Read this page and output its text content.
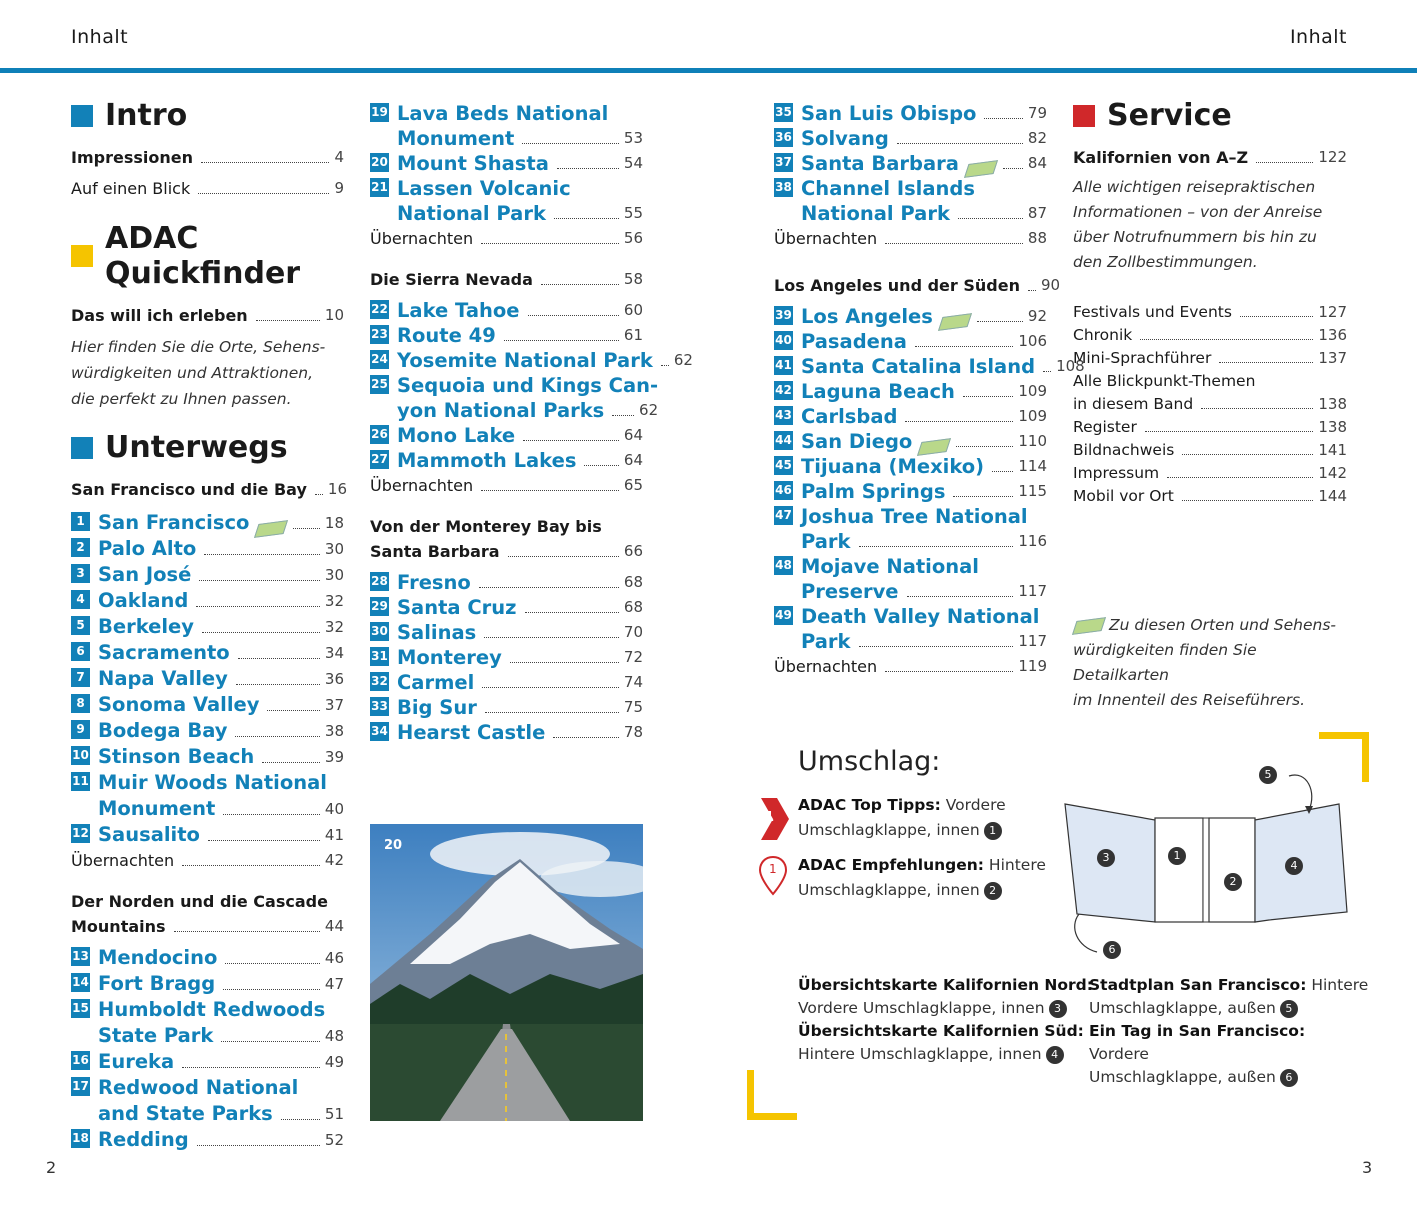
Inhalt	Inhalt
Intro
Impressionen	4
Auf einen Blick	9
ADAC Quickfinder
Das will ich erleben	10
Hier finden Sie die Orte, Sehens-
würdigkeiten und Attraktionen,
die perfekt zu Ihnen passen.
Unterwegs
San Francisco und die Bay 16
1 San Francisco	18
2 Palo Alto	30
3 San José	30
4 Oakland	32
5 Berkeley	32
6 Sacramento	34
7 Napa Valley	36
8 Sonoma Valley	37
9 Bodega Bay	38
10 Stinson Beach	39
11 Muir Woods National
Monument	40
12 Sausalito	41
Übernachten	42
Der Norden und die Cascade
Mountains	44
13 Mendocino	46
14 Fort Bragg	47
15 Humboldt Redwoods
State Park	48
16 Eureka	49
17 Redwood National
and State Parks	51
18 Redding	52
19 Lava Beds National
Monument	53
20 Mount Shasta	54
21 Lassen Volcanic
National Park	55
Übernachten	56
Die Sierra Nevada	58
22 Lake Tahoe	60
23 Route 49	61
24 Yosemite National Park 62
25 Sequoia und Kings Can-
yon National Parks 62
26 Mono Lake	64
27 Mammoth Lakes	64
Übernachten	65
Von der Monterey Bay bis
Santa Barbara	66
28 Fresno	68
29 Santa Cruz	68
30 Salinas	70
31 Monterey	72
32 Carmel	74
33 Big Sur	75
34 Hearst Castle	78
20
35 San Luis Obispo	79
36 Solvang	82
37 Santa Barbara	84
38 Channel Islands
National Park	87
Übernachten	88
Los Angeles und der Süden 90
39 Los Angeles	92
40 Pasadena	106
41 Santa Catalina Island 108
42 Laguna Beach	109
43 Carlsbad	109
44 San Diego	110
45 Tijuana (Mexiko) 114
46 Palm Springs	115
47 Joshua Tree National
Park	116
48 Mojave National
Preserve	117
49 Death Valley National
Park	117
Übernachten	119
Service
Kalifornien von A–Z	122
Alle wichtigen reisepraktischen
Informationen – von der Anreise
über Notrufnummern bis hin zu
den Zollbestimmungen.
Festivals und Events	127
Chronik	136
Mini-Sprachführer	137
Alle Blickpunkt-Themen
in diesem Band	138
Register	138
Bildnachweis	141
Impressum	142
Mobil vor Ort	144
Zu diesen Orten und Sehens-
würdigkeiten finden Sie Detailkarten
im Innenteil des Reiseführers.
Umschlag:
1
ADAC Top Tipps: Vordere
Umschlagklappe, innen 1
1 ADAC Empfehlungen: Hintere
Umschlagklappe, innen 2
3	1
2
4
5
6
Übersichtskarte Kalifornien Nord:
Vordere Umschlagklappe, innen 3
Übersichtskarte Kalifornien Süd:
Hintere Umschlagklappe, innen 4
Stadtplan San Francisco: Hintere
Umschlagklappe, außen 5
Ein Tag in San Francisco: Vordere
Umschlagklappe, außen 6
2	3
